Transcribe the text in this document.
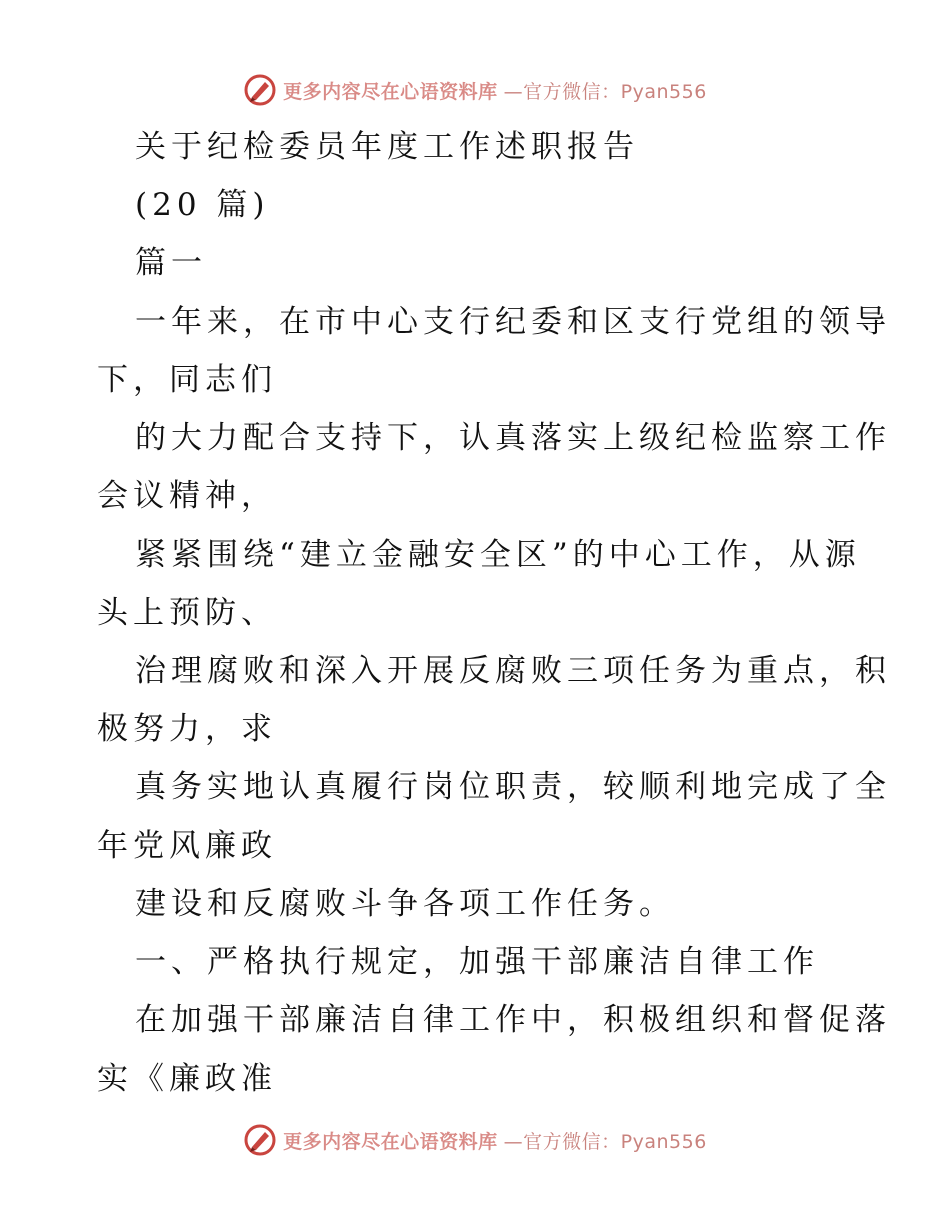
更多内容尽在心语资料库 —官方微信：Pyan556
关于纪检委员年度工作述职报告
(20 篇)
篇一
一年来，在市中心支行纪委和区支行党组的领导
下，同志们
的大力配合支持下，认真落实上级纪检监察工作
会议精神，
紧紧围绕“建立金融安全区”的中心工作，从源
头上预防、
治理腐败和深入开展反腐败三项任务为重点，积
极努力，求
真务实地认真履行岗位职责，较顺利地完成了全
年党风廉政
建设和反腐败斗争各项工作任务。
一、严格执行规定，加强干部廉洁自律工作
在加强干部廉洁自律工作中，积极组织和督促落
实《廉政准
更多内容尽在心语资料库 —官方微信：Pyan556
